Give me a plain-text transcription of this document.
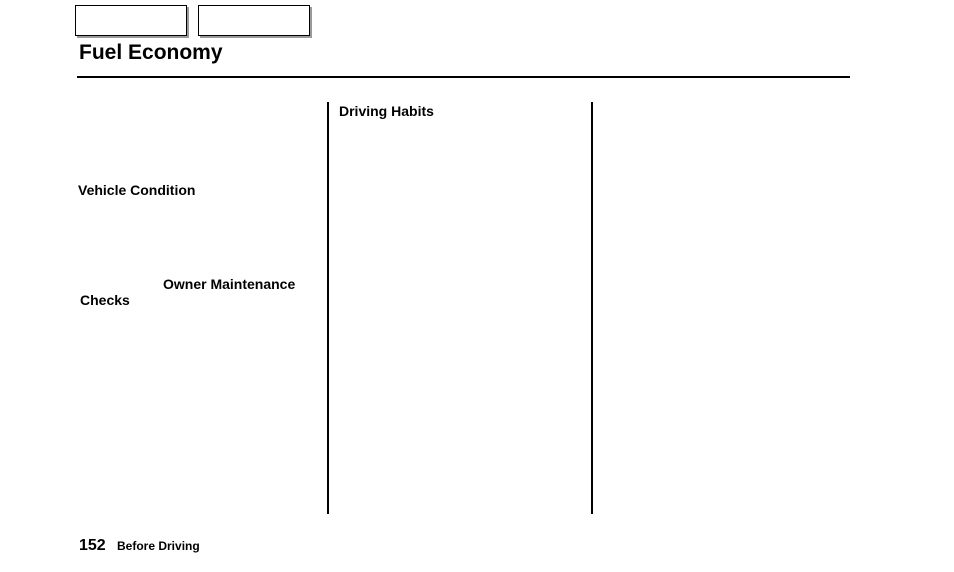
Fuel Economy
Driving Habits
Vehicle Condition
Owner Maintenance
Checks
152 Before Driving
